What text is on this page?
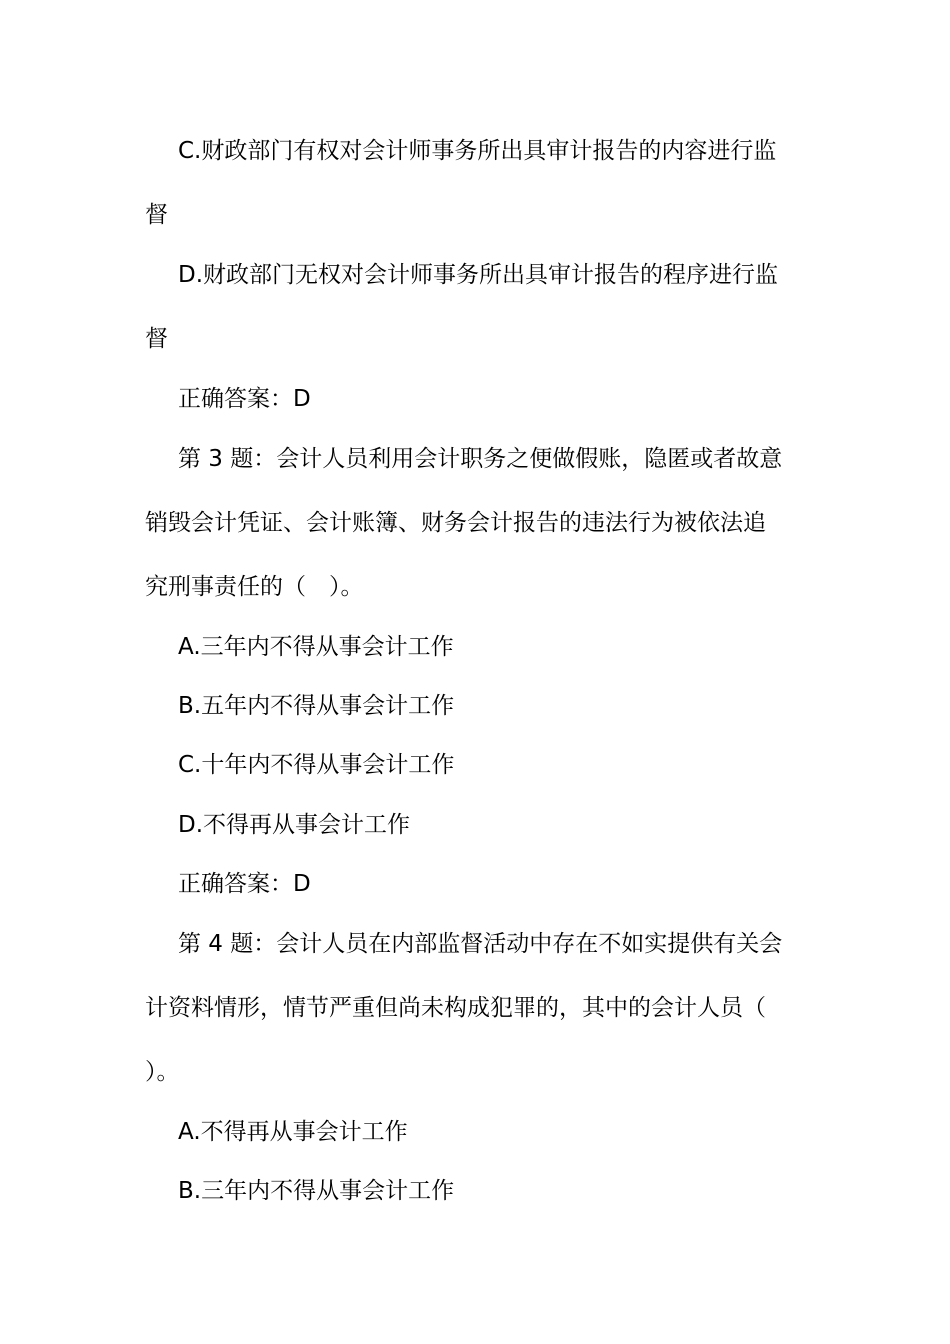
C.财政部门有权对会计师事务所出具审计报告的内容进行监
督
D.财政部门无权对会计师事务所出具审计报告的程序进行监
督
正确答案：D
第 3 题：会计人员利用会计职务之便做假账，隐匿或者故意
销毁会计凭证、会计账簿、财务会计报告的违法行为被依法追
究刑事责任的（　）。
A.三年内不得从事会计工作
B.五年内不得从事会计工作
C.十年内不得从事会计工作
D.不得再从事会计工作
正确答案：D
第 4 题：会计人员在内部监督活动中存在不如实提供有关会
计资料情形，情节严重但尚未构成犯罪的，其中的会计人员（
）。
A.不得再从事会计工作
B.三年内不得从事会计工作
